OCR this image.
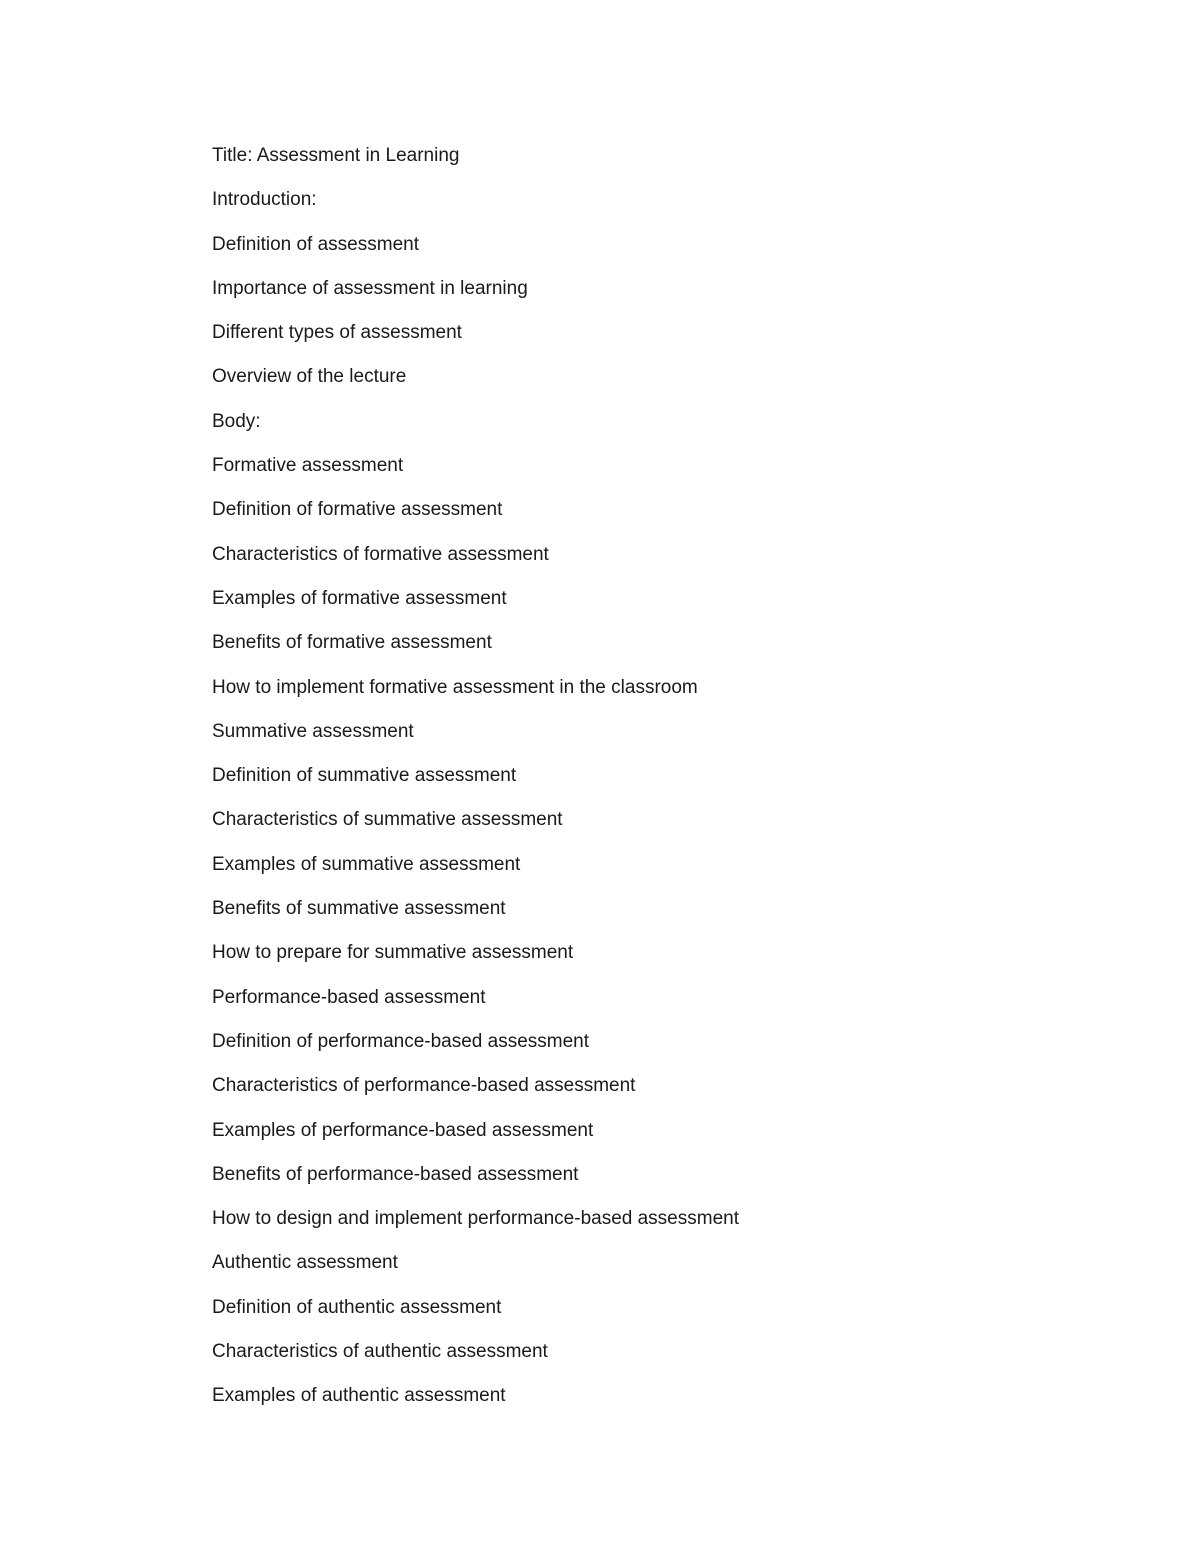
Title: Assessment in Learning
Introduction:
Definition of assessment
Importance of assessment in learning
Different types of assessment
Overview of the lecture
Body:
Formative assessment
Definition of formative assessment
Characteristics of formative assessment
Examples of formative assessment
Benefits of formative assessment
How to implement formative assessment in the classroom
Summative assessment
Definition of summative assessment
Characteristics of summative assessment
Examples of summative assessment
Benefits of summative assessment
How to prepare for summative assessment
Performance-based assessment
Definition of performance-based assessment
Characteristics of performance-based assessment
Examples of performance-based assessment
Benefits of performance-based assessment
How to design and implement performance-based assessment
Authentic assessment
Definition of authentic assessment
Characteristics of authentic assessment
Examples of authentic assessment
